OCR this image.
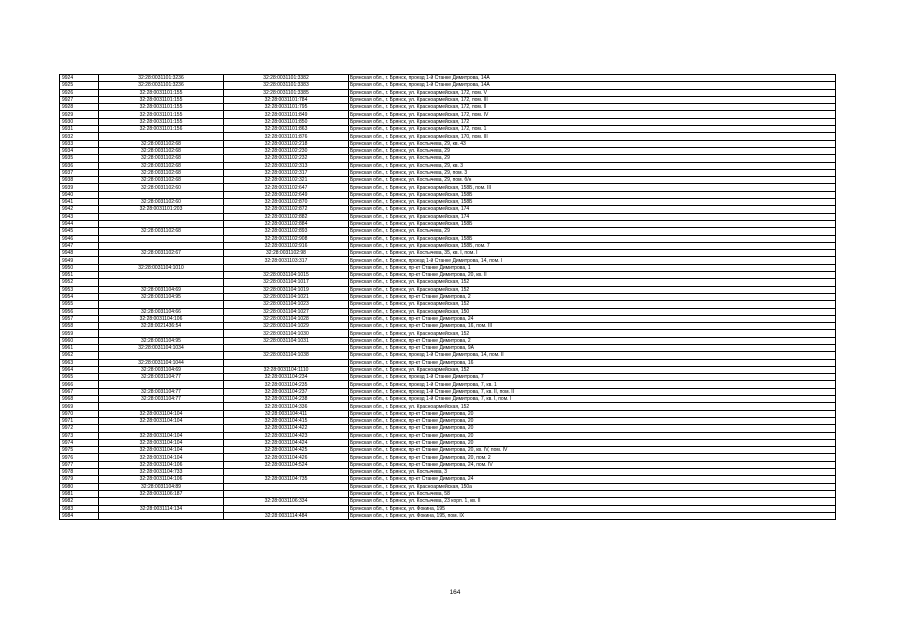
9924	32:28:0031101:3236	32:28:0031101:3382	Брянская обл., г. Брянск, проезд 1-й Станке Димитрова, 14А
9925	32:28:0031101:3236	32:28:0031101:3383	Брянская обл., г. Брянск, проезд 1-й Станке Димитрова, 14А
9926	32:28:0031101:155	32:28:0031101:3385	Брянская обл., г. Брянск, ул. Красноармейская, 172, пом. V
9927	32:28:0031101:155	32:28:0031101:784	Брянская обл., г. Брянск, ул. Красноармейская, 172, пом. III
9928	32:28:0031101:155	32:28:0031101:795	Брянская обл., г. Брянск, ул. Красноармейская, 172, пом. II
9929	32:28:0031101:155	32:28:0031101:849	Брянская обл., г. Брянск, ул. Красноармейская, 172, пом. IV
9930	32:28:0031101:155	32:28:0031101:850	Брянская обл., г. Брянск, ул. Красноармейская, 172
9931	32:28:0031101:156	32:28:0031101:863	Брянская обл., г. Брянск, ул. Красноармейская, 172, пом. 1
9932		32:28:0031101:876	Брянская обл., г. Брянск, ул. Красноармейская, 170, пом. III
9933	32:28:0031102:68	32:28:0031102:218	Брянская обл., г. Брянск, ул. Костычева, 29, кв. 43
9934	32:28:0031102:68	32:28:0031102:230	Брянская обл., г. Брянск, ул. Костычева, 29
9935	32:28:0031102:68	32:28:0031102:232	Брянская обл., г. Брянск, ул. Костычева, 29
9936	32:28:0031102:68	32:28:0031102:313	Брянская обл., г. Брянск, ул. Костычева, 29, кв. 3
9937	32:28:0031102:68	32:28:0031102:317	Брянская обл., г. Брянск, ул. Костычева, 29, пом. 3
9938	32:28:0031102:68	32:28:0031102:321	Брянская обл., г. Брянск, ул. Костычева, 29, пом. б/н
9939	32:28:0031102:60	32:28:0031102:647	Брянская обл., г. Брянск, ул. Красноармейская, 158Б, пом. III
9940		32:28:0031102:649	Брянская обл., г. Брянск, ул. Красноармейская, 158Б
9941	32:28:0031102:60	32:28:0031102:870	Брянская обл., г. Брянск, ул. Красноармейская, 158Б
9942	32:28:0031101:203	32:28:0031102:872	Брянская обл., г. Брянск, ул. Красноармейская, 174
9943		32:28:0031102:882	Брянская обл., г. Брянск, ул. Красноармейская, 174
9944		32:28:0031102:884	Брянская обл., г. Брянск, ул. Красноармейская, 158Б
9945	32:28:0031102:68	32:28:0031102:893	Брянская обл., г. Брянск, ул. Костычева, 29
9946		32:28:0031102:908	Брянская обл., г. Брянск, ул. Красноармейская, 158Б
9947		32:28:0031102:916	Брянская обл., г. Брянск, ул. Красноармейская, 158Б, пом. 7
9948	32:28:0031102:67	32:28:0031102:98	Брянская обл., г. Брянск, ул. Костычева, 35, кв. I, пом. I
9949		32:28:0031103:317	Брянская обл., г. Брянск, проезд 1-й Станке Димитрова, 14, пом. I
9950	32:28:0031104:1010		Брянская обл., г. Брянск, пр-кт Станке Димитрова, 1
9951		32:28:0031104:1015	Брянская обл., г. Брянск, пр-кт Станке Димитрова, 20, кв. II
9952		32:28:0031104:1017	Брянская обл., г. Брянск, ул. Красноармейская, 152
9953	32:28:0031104:69	32:28:0031104:1019	Брянская обл., г. Брянск, ул. Красноармейская, 152
9954	32:28:0031104:95	32:28:0031104:1021	Брянская обл., г. Брянск, пр-кт Станке Димитрова, 2
9955		32:28:0031104:1023	Брянская обл., г. Брянск, ул. Красноармейская, 152
9956	32:28:0031104:66	32:28:0031104:1027	Брянская обл., г. Брянск, ул. Красноармейская, 150
9957	32:28:0031104:106	32:28:0031104:1028	Брянская обл., г. Брянск, пр-кт Станке Димитрова, 24
9958	32:28:0021436:54	32:28:0031104:1029	Брянская обл., г. Брянск, пр-кт Станке Димитрова, 16, пом. III
9959		32:28:0031104:1030	Брянская обл., г. Брянск, ул. Красноармейская, 152
9960	32:28:0031104:95	32:28:0031104:1031	Брянская обл., г. Брянск, пр-кт Станке Димитрова, 2
9961	32:28:0031104:1034		Брянская обл., г. Брянск, пр-кт Станке Димитрова, 9А
9962		32:28:0031104:1038	Брянская обл., г. Брянск, проезд 1-й Станке Димитрова, 14, пом. II
9963	32:28:0031104:1044		Брянская обл., г. Брянск, пр-кт Станке Димитрова, 16
9964	32:28:0031104:69	32:28:0031104:1110	Брянская обл., г. Брянск, ул. Красноармейская, 152
9965	32:28:0031104:77	32:28:0031104:234	Брянская обл., г. Брянск, проезд 1-й Станке Димитрова, 7
9966		32:28:0031104:235	Брянская обл., г. Брянск, проезд 1-й Станке Димитрова, 7, кв. 1
9967	32:28:0031104:77	32:28:0031104:237	Брянская обл., г. Брянск, проезд 1-й Станке Димитрова, 7, кв. II, пом. II
9968	32:28:0031104:77	32:28:0031104:238	Брянская обл., г. Брянск, проезд 1-й Станке Димитрова, 7, кв. I, пом. I
9969		32:28:0031104:336	Брянская обл., г. Брянск, ул. Красноармейская, 152
9970	32:28:0031104:104	32:28:0031104:411	Брянская обл., г. Брянск, пр-кт Станке Димитрова, 20
9971	32:28:0031104:104	32:28:0031104:415	Брянская обл., г. Брянск, пр-кт Станке Димитрова, 20
9972		32:28:0031104:422	Брянская обл., г. Брянск, пр-кт Станке Димитрова, 20
9973	32:28:0031104:104	32:28:0031104:423	Брянская обл., г. Брянск, пр-кт Станке Димитрова, 20
9974	32:28:0031104:104	32:28:0031104:424	Брянская обл., г. Брянск, пр-кт Станке Димитрова, 20
9975	32:28:0031104:104	32:28:0031104:425	Брянская обл., г. Брянск, пр-кт Станке Димитрова, 20, кв. IV, пом. IV
9976	32:28:0031104:104	32:28:0031104:426	Брянская обл., г. Брянск, пр-кт Станке Димитрова, 20, пом. 2
9977	32:28:0031104:106	32:28:0031104:524	Брянская обл., г. Брянск, пр-кт Станке Димитрова, 24, пом. IV
9978	32:28:0031104:733		Брянская обл., г. Брянск, ул. Костычева, 3
9979	32:28:0031104:106	32:28:0031104:735	Брянская обл., г. Брянск, пр-кт Станке Димитрова, 24
9980	32:28:0031104:89		Брянская обл., г. Брянск, ул. Красноармейская, 150а
9981	32:28:0031106:187		Брянская обл., г. Брянск, ул. Костычева, 58
9982		32:28:0031106:334	Брянская обл., г. Брянск, ул. Костычева, 23 корп. 1, кв. II
9983	32:28:0031114:134		Брянская обл., г. Брянск, ул. Фокина, 195
9984		32:28:0031114:484	Брянская обл., г. Брянск, ул. Фокина, 195, пом. IX
164
